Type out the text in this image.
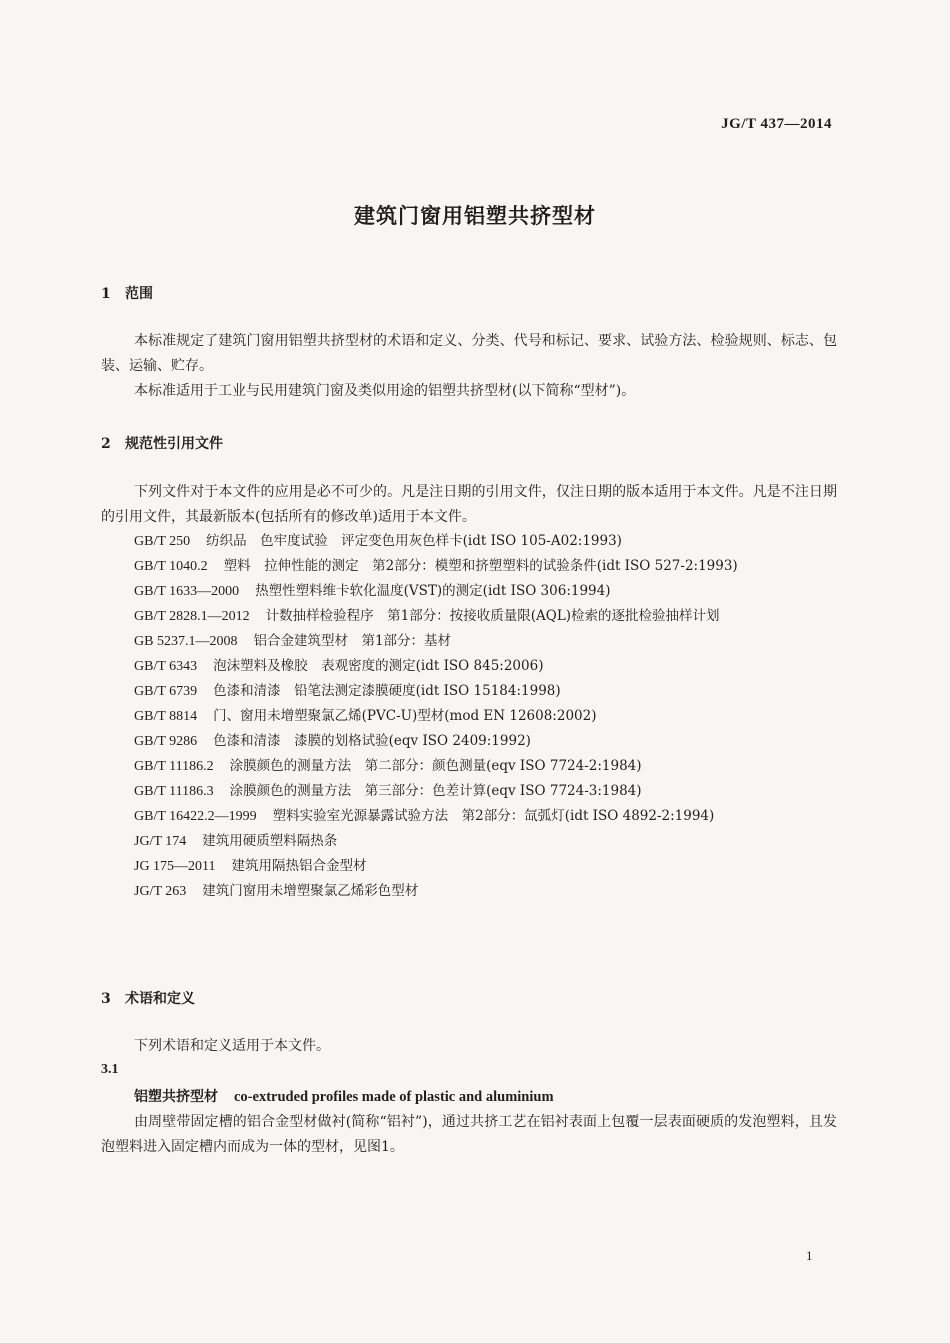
JG/T 437—2014
建筑门窗用铝塑共挤型材
1 范围
本标准规定了建筑门窗用铝塑共挤型材的术语和定义、分类、代号和标记、要求、试验方法、检验规则、标志、包装、运输、贮存。
本标准适用于工业与民用建筑门窗及类似用途的铝塑共挤型材(以下简称“型材”)。
2 规范性引用文件
下列文件对于本文件的应用是必不可少的。凡是注日期的引用文件，仅注日期的版本适用于本文件。凡是不注日期的引用文件，其最新版本(包括所有的修改单)适用于本文件。
GB/T 250 纺织品　色牢度试验　评定变色用灰色样卡(idt ISO 105-A02:1993)
GB/T 1040.2 塑料　拉伸性能的测定　第2部分：模塑和挤塑塑料的试验条件(idt ISO 527-2:1993)
GB/T 1633—2000 热塑性塑料维卡软化温度(VST)的测定(idt ISO 306:1994)
GB/T 2828.1—2012 计数抽样检验程序　第1部分：按接收质量限(AQL)检索的逐批检验抽样计划
GB 5237.1—2008 铝合金建筑型材　第1部分：基材
GB/T 6343 泡沫塑料及橡胶　表观密度的测定(idt ISO 845:2006)
GB/T 6739 色漆和清漆　铅笔法测定漆膜硬度(idt ISO 15184:1998)
GB/T 8814 门、窗用未增塑聚氯乙烯(PVC-U)型材(mod EN 12608:2002)
GB/T 9286 色漆和清漆　漆膜的划格试验(eqv ISO 2409:1992)
GB/T 11186.2 涂膜颜色的测量方法　第二部分：颜色测量(eqv ISO 7724-2:1984)
GB/T 11186.3 涂膜颜色的测量方法　第三部分：色差计算(eqv ISO 7724-3:1984)
GB/T 16422.2—1999 塑料实验室光源暴露试验方法　第2部分：氙弧灯(idt ISO 4892-2:1994)
JG/T 174 建筑用硬质塑料隔热条
JG 175—2011 建筑用隔热铝合金型材
JG/T 263 建筑门窗用未增塑聚氯乙烯彩色型材
3 术语和定义
下列术语和定义适用于本文件。
3.1
铝塑共挤型材 co-extruded profiles made of plastic and aluminium
由周壁带固定槽的铝合金型材做衬(简称“铝衬”)，通过共挤工艺在铝衬表面上包覆一层表面硬质的发泡塑料，且发泡塑料进入固定槽内而成为一体的型材，见图1。
1
